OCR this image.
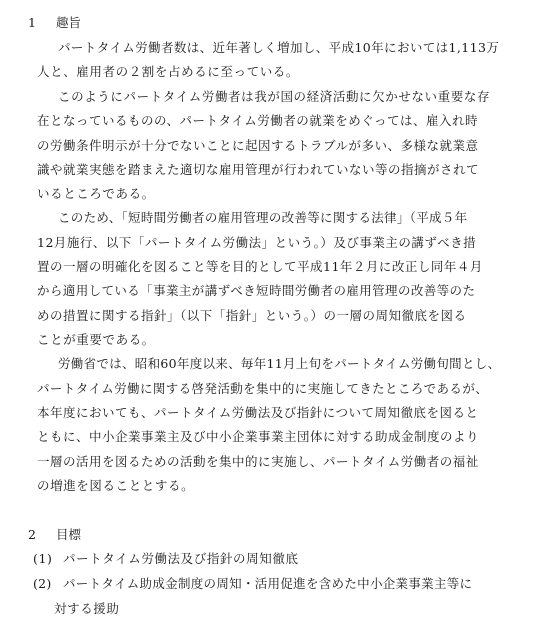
1 趣旨
パートタイム労働者数は、近年著しく増加し、平成10年においては1,113万
人と、雇用者の２割を占めるに至っている。
このようにパートタイム労働者は我が国の経済活動に欠かせない重要な存
在となっているものの、パートタイム労働者の就業をめぐっては、雇入れ時
の労働条件明示が十分でないことに起因するトラブルが多い、多様な就業意
識や就業実態を踏まえた適切な雇用管理が行われていない等の指摘がされて
いるところである。
このため、「短時間労働者の雇用管理の改善等に関する法律」（平成５年
12月施行、以下「パートタイム労働法」という。）及び事業主の講ずべき措
置の一層の明確化を図ること等を目的として平成11年２月に改正し同年４月
から適用している「事業主が講ずべき短時間労働者の雇用管理の改善等のた
めの措置に関する指針」（以下「指針」という。）の一層の周知徹底を図る
ことが重要である。
労働省では、昭和60年度以来、毎年11月上旬をパートタイム労働旬間とし、
パートタイム労働に関する啓発活動を集中的に実施してきたところであるが、
本年度においても、パートタイム労働法及び指針について周知徹底を図ると
ともに、中小企業事業主及び中小企業事業主団体に対する助成金制度のより
一層の活用を図るための活動を集中的に実施し、パートタイム労働者の福祉
の増進を図ることとする。
2 目標
(1) パートタイム労働法及び指針の周知徹底
(2) パートタイム助成金制度の周知・活用促進を含めた中小企業事業主等に
対する援助
